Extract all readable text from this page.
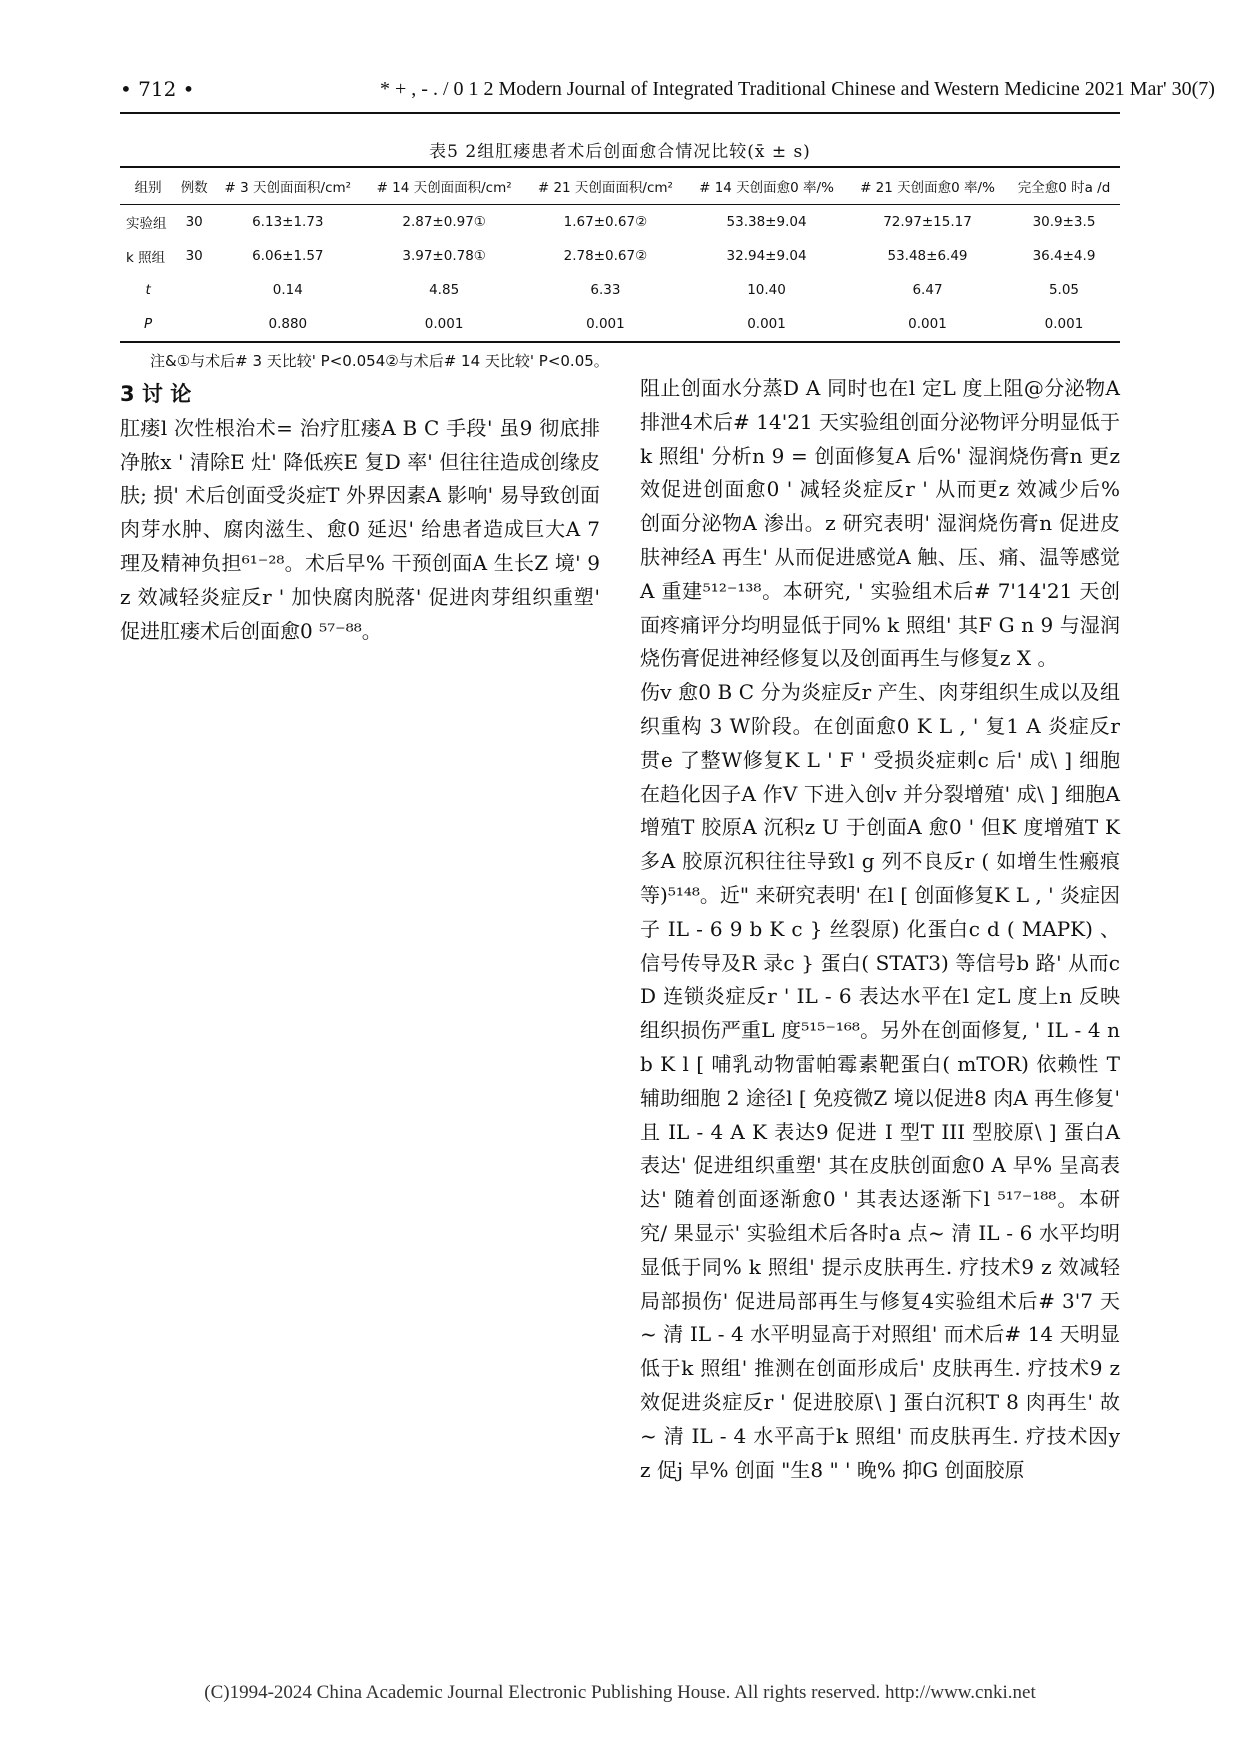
• 712 •	* + , - . / 0 1 2 Modern Journal of Integrated Traditional Chinese and Western Medicine 2021 Mar' 30(7)
表5 2组肛瘘患者术后创面愈合情况比较(x̄ ± s)
组别	例数	# 3 天创面面积/cm²	# 14 天创面面积/cm²	# 21 天创面面积/cm²	# 14 天创面愈0 率/%	# 21 天创面愈0 率/%	完全愈0 时a /d
实验组	30	6.13±1.73	2.87±0.97①	1.67±0.67②	53.38±9.04	72.97±15.17	30.9±3.5
k 照组	30	6.06±1.57	3.97±0.78①	2.78±0.67②	32.94±9.04	53.48±6.49	36.4±4.9
t		0.14	4.85	6.33	10.40	6.47	5.05
P		0.880	0.001	0.001	0.001	0.001	0.001
注&①与术后# 3 天比较' P<0.054②与术后# 14 天比较' P<0.05。

3 讨 论

肛瘘l 次性根治术= 治疗肛瘘A B C 手段' 虽9 彻底排净脓x ' 清除E 灶' 降低疾E 复D 率' 但往往造成创缘皮肤; 损' 术后创面受炎症T 外界因素A 影响' 易导致创面肉芽水肿、腐肉滋生、愈0 延迟' 给患者造成巨大A 7 理及精神负担⁶¹⁻²⁸。术后早% 干预创面A 生长Z 境' 9 z 效减轻炎症反r ' 加快腐肉脱落' 促进肉芽组织重塑' 促进肛瘘术后创面愈0 ⁵⁷⁻⁸⁸。

阻止创面水分蒸D A 同时也在l 定L 度上阻@分泌物A 排泄4术后# 14'21 天实验组创面分泌物评分明显低于k 照组' 分析n 9 = 创面修复A 后%' 湿润烧伤膏n 更z 效促进创面愈0 ' 减轻炎症反r ' 从而更z 效减少后% 创面分泌物A 渗出。z 研究表明' 湿润烧伤膏n 促进皮肤神经A 再生' 从而促进感觉A 触、压、痛、温等感觉A 重建⁵¹²⁻¹³⁸。本研究, ' 实验组术后# 7'14'21 天创面疼痛评分均明显低于同% k 照组' 其F G n 9 与湿润烧伤膏促进神经修复以及创面再生与修复z X 。

伤v 愈0 B C 分为炎症反r 产生、肉芽组织生成以及组织重构 3 W阶段。在创面愈0 K L , ' 复1 A 炎症反r 贯e 了整W修复K L ' F ' 受损炎症刺c 后' 成\ ] 细胞在趋化因子A 作V 下进入创v 并分裂增殖' 成\ ] 细胞A 增殖T 胶原A 沉积z U 于创面A 愈0 ' 但K 度增殖T K 多A 胶原沉积往往导致l g 列不良反r ( 如增生性瘢痕等)⁵¹⁴⁸。近" 来研究表明' 在l [ 创面修复K L , ' 炎症因子 IL - 6 9 b K c } 丝裂原) 化蛋白c d ( MAPK) 、信号传导及R 录c } 蛋白( STAT3) 等信号b 路' 从而c D 连锁炎症反r ' IL - 6 表达水平在l 定L 度上n 反映组织损伤严重L 度⁵¹⁵⁻¹⁶⁸。另外在创面修复, ' IL - 4 n b K l [ 哺乳动物雷帕霉素靶蛋白( mTOR) 依赖性 T 辅助细胞 2 途径l [ 免疫微Z 境以促进8 肉A 再生修复' 且 IL - 4 A K 表达9 促进 I 型T III 型胶原\ ] 蛋白A 表达' 促进组织重塑' 其在皮肤创面愈0 A 早% 呈高表达' 随着创面逐渐愈0 ' 其表达逐渐下l ⁵¹⁷⁻¹⁸⁸。本研究/ 果显示' 实验组术后各时a 点~ 清 IL - 6 水平均明显低于同% k 照组' 提示皮肤再生. 疗技术9 z 效减轻局部损伤' 促进局部再生与修复4实验组术后# 3'7 天~ 清 IL - 4 水平明显高于对照组' 而术后# 14 天明显低于k 照组' 推测在创面形成后' 皮肤再生. 疗技术9 z 效促进炎症反r ' 促进胶原\ ] 蛋白沉积T 8 肉再生' 故~ 清 IL - 4 水平高于k 照组' 而皮肤再生. 疗技术因y z 促j 早% 创面 "生8 " ' 晚% 抑G 创面胶原

(C)1994-2024 China Academic Journal Electronic Publishing House. All rights reserved. http://www.cnki.net
